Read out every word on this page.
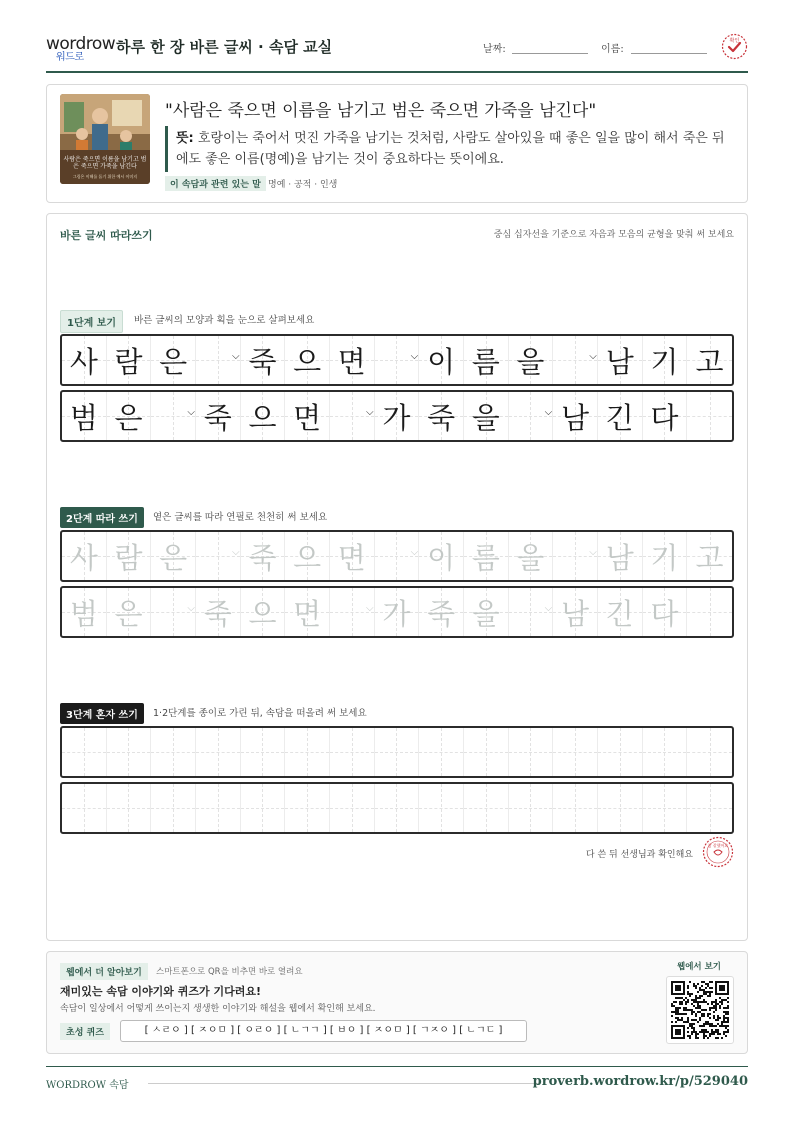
wordrow
워드로
하루 한 장 바른 글씨 · 속담 교실	날짜:	이름:
확인
사람은 죽으면 이름을 남기고 범은 죽으면 가죽을 남긴다
그림은 이해를 돕기 위한 예시 이미지
"사람은 죽으면 이름을 남기고 범은 죽으면 가죽을 남긴다"
뜻: 호랑이는 죽어서 멋진 가죽을 남기는 것처럼, 사람도 살아있을 때 좋은 일을 많이 해서 죽은 뒤에도 좋은 이름(명예)을 남기는 것이 중요하다는 뜻이에요.
이 속담과 관련 있는 말 명예 · 공적 · 인생
바른 글씨 따라쓰기	중심 십자선을 기준으로 자음과 모음의 균형을 맞춰 써 보세요
1단계 보기	바른 글씨의 모양과 획을 눈으로 살펴보세요
사 람 은	⌵ 죽 으 면	⌵ 이 름 을	⌵ 남 기 고
범 은	⌵ 죽 으 면	⌵ 가 죽 을	⌵ 남 긴 다
2단계 따라 쓰기	옅은 글씨를 따라 연필로 천천히 써 보세요
사 람 은	⌵ 죽 으 면	⌵ 이 름 을	⌵ 남 기 고
범 은	⌵ 죽 으 면	⌵ 가 죽 을	⌵ 남 긴 다
3단계 혼자 쓰기	1·2단계를 종이로 가린 뒤, 속담을 떠올려 써 보세요
다 쓴 뒤 선생님과 확인해요
참 잘했어요
웹에서 더 알아보기	스마트폰으로 QR을 비추면 바로 열려요
재미있는 속담 이야기와 퀴즈가 기다려요!
속담이 일상에서 어떻게 쓰이는지 생생한 이야기와 해설을 웹에서 확인해 보세요.
초성 퀴즈	[ ㅅㄹㅇ ] [ ㅈㅇㅁ ] [ ㅇㄹㅇ ] [ ㄴㄱㄱ ] [ ㅂㅇ ] [ ㅈㅇㅁ ] [ ㄱㅈㅇ ] [ ㄴㄱㄷ ]
웹에서 보기
WORDROW 속담	proverb.wordrow.kr/p/529040
